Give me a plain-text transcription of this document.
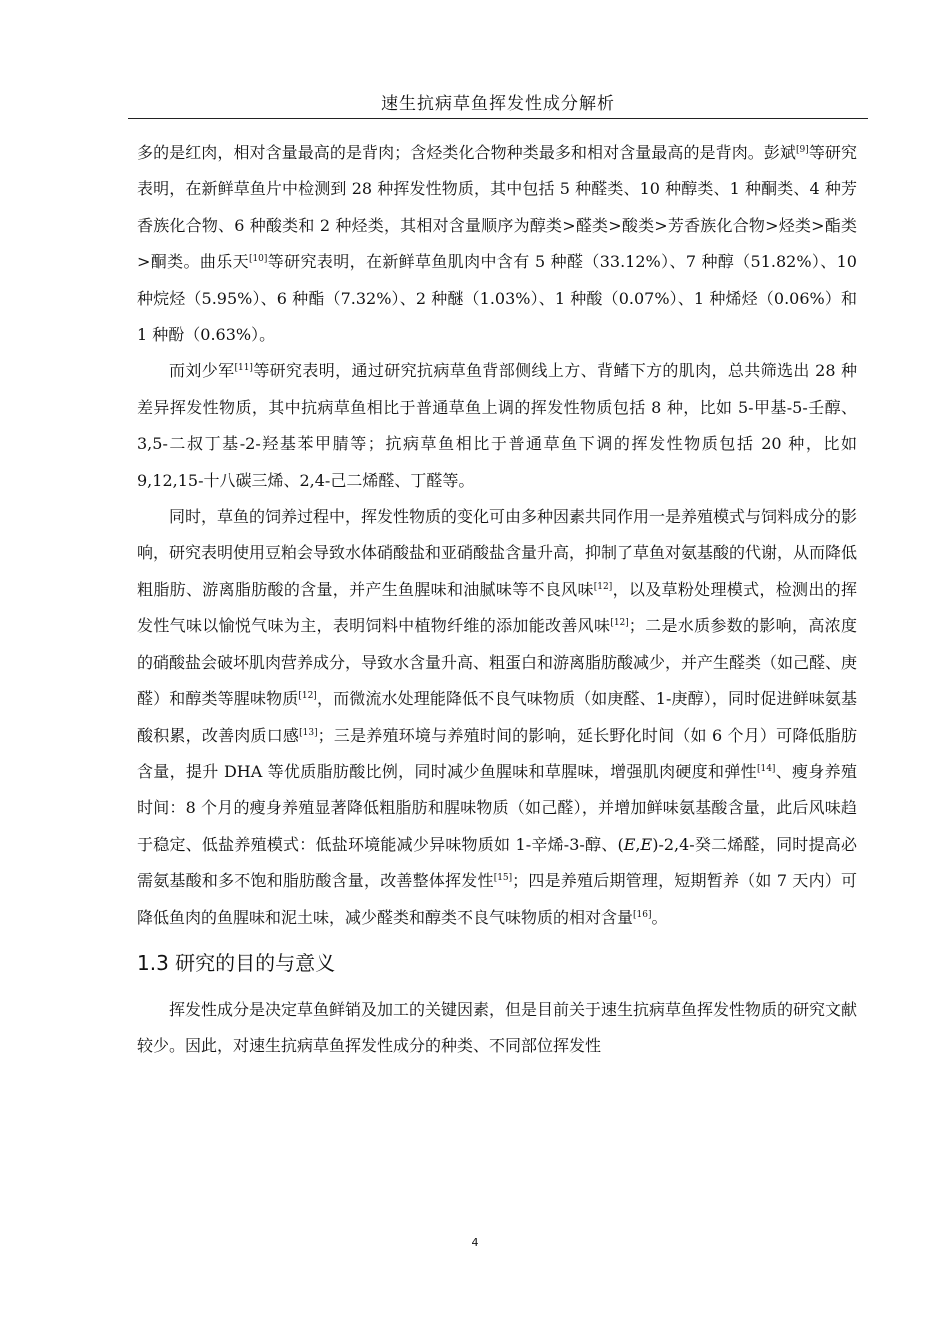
速生抗病草鱼挥发性成分解析

多的是红肉，相对含量最高的是背肉；含烃类化合物种类最多和相对含量最高的是背肉。彭斌[9]等研究表明，在新鲜草鱼片中检测到 28 种挥发性物质，其中包括 5 种醛类、10 种醇类、1 种酮类、4 种芳香族化合物、6 种酸类和 2 种烃类，其相对含量顺序为醇类>醛类>酸类>芳香族化合物>烃类>酯类>酮类。曲乐天[10]等研究表明，在新鲜草鱼肌肉中含有 5 种醛（33.12%）、7 种醇（51.82%）、10 种烷烃（5.95%）、6 种酯（7.32%）、2 种醚（1.03%）、1 种酸（0.07%）、1 种烯烃（0.06%）和 1 种酚（0.63%）。

而刘少军[11]等研究表明，通过研究抗病草鱼背部侧线上方、背鳍下方的肌肉，总共筛选出 28 种差异挥发性物质，其中抗病草鱼相比于普通草鱼上调的挥发性物质包括 8 种，比如 5-甲基-5-壬醇、3,5-二叔丁基-2-羟基苯甲腈等；抗病草鱼相比于普通草鱼下调的挥发性物质包括 20 种，比如 9,12,15-十八碳三烯、2,4-己二烯醛、丁醛等。

同时，草鱼的饲养过程中，挥发性物质的变化可由多种因素共同作用一是养殖模式与饲料成分的影响，研究表明使用豆粕会导致水体硝酸盐和亚硝酸盐含量升高，抑制了草鱼对氨基酸的代谢，从而降低粗脂肪、游离脂肪酸的含量，并产生鱼腥味和油腻味等不良风味[12]，以及草粉处理模式，检测出的挥发性气味以愉悦气味为主，表明饲料中植物纤维的添加能改善风味[12]；二是水质参数的影响，高浓度的硝酸盐会破坏肌肉营养成分，导致水含量升高、粗蛋白和游离脂肪酸减少，并产生醛类（如己醛、庚醛）和醇类等腥味物质[12]，而微流水处理能降低不良气味物质（如庚醛、1-庚醇），同时促进鲜味氨基酸积累，改善肉质口感[13]；三是养殖环境与养殖时间的影响，延长野化时间（如 6 个月）可降低脂肪含量，提升 DHA 等优质脂肪酸比例，同时减少鱼腥味和草腥味，增强肌肉硬度和弹性[14]、瘦身养殖时间：8 个月的瘦身养殖显著降低粗脂肪和腥味物质（如己醛），并增加鲜味氨基酸含量，此后风味趋于稳定、低盐养殖模式：低盐环境能减少异味物质如 1-辛烯-3-醇、(E,E)-2,4-癸二烯醛，同时提高必需氨基酸和多不饱和脂肪酸含量，改善整体挥发性[15]；四是养殖后期管理，短期暂养（如 7 天内）可降低鱼肉的鱼腥味和泥土味，减少醛类和醇类不良气味物质的相对含量[16]。

1.3 研究的目的与意义

挥发性成分是决定草鱼鲜销及加工的关键因素，但是目前关于速生抗病草鱼挥发性物质的研究文献较少。因此，对速生抗病草鱼挥发性成分的种类、不同部位挥发性

4
